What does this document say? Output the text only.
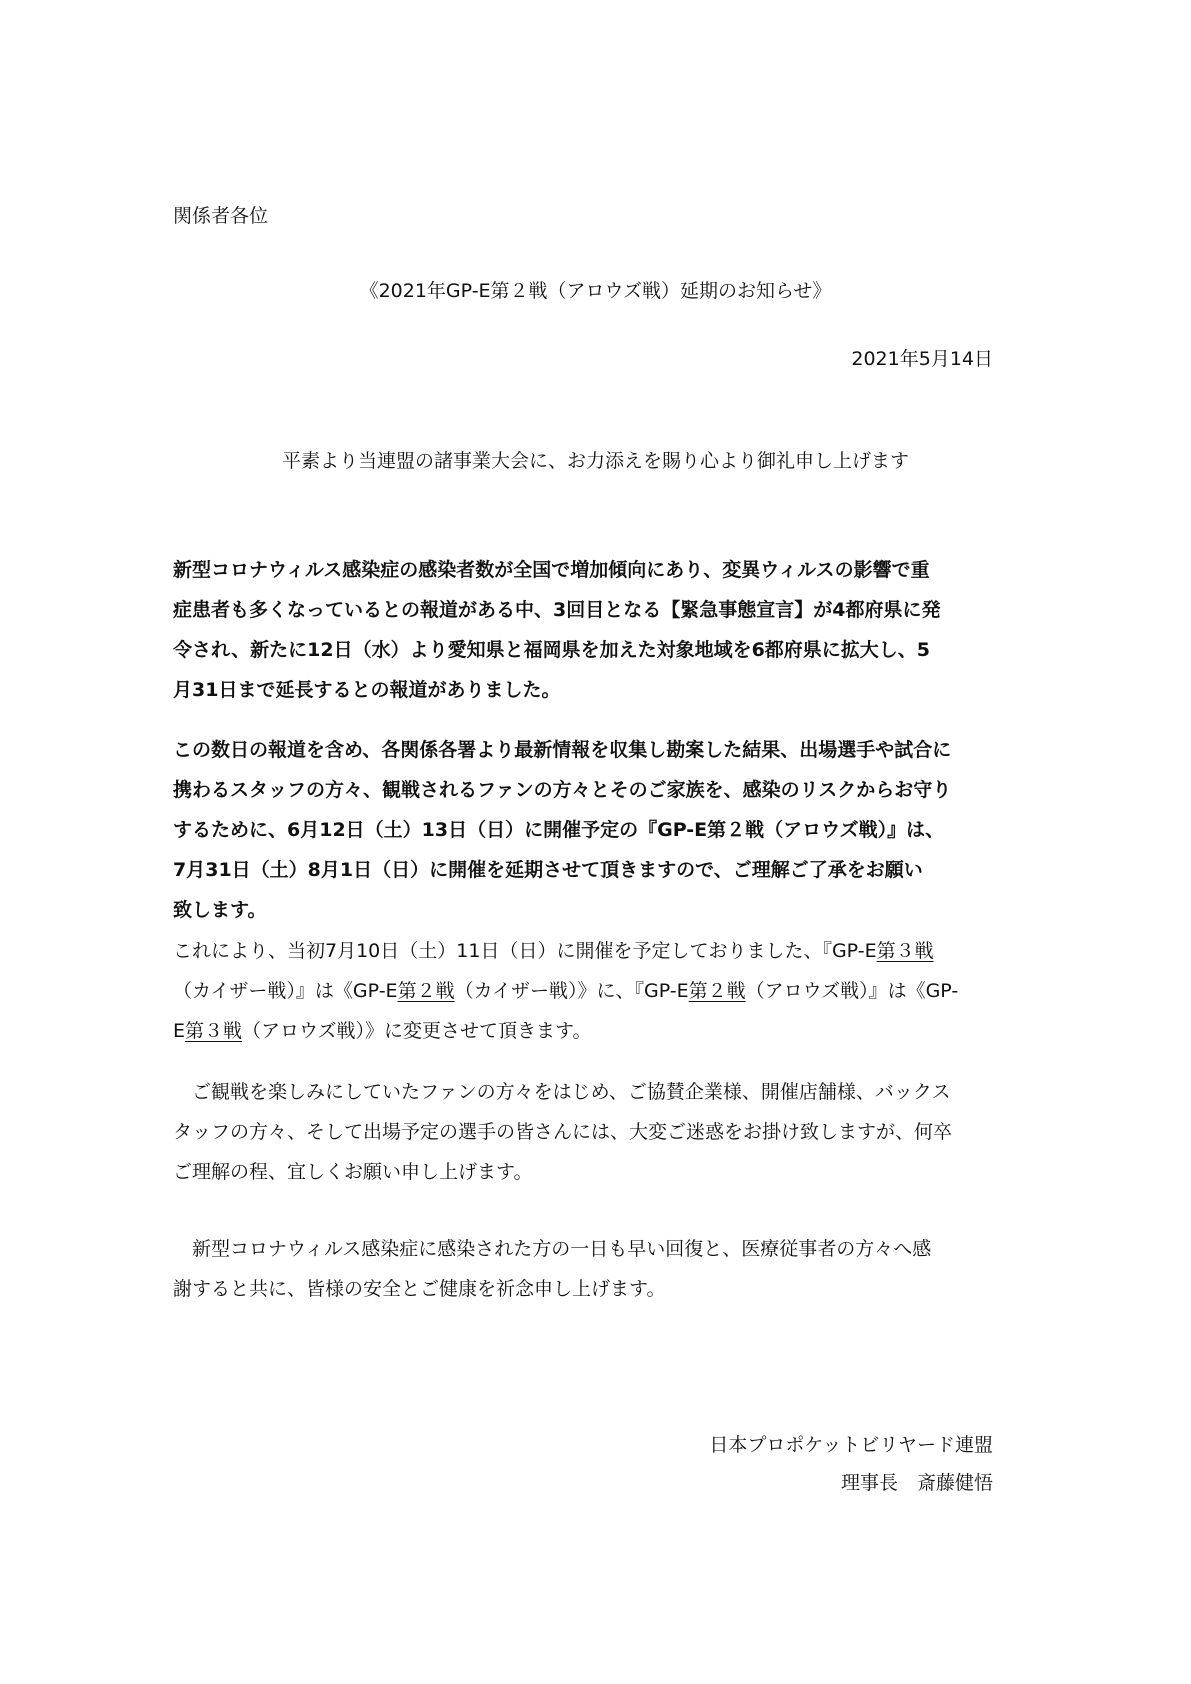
関係者各位

《2021年GP-E第２戦（アロウズ戦）延期のお知らせ》

2021年5月14日

平素より当連盟の諸事業大会に、お力添えを賜り心より御礼申し上げます

新型コロナウィルス感染症の感染者数が全国で増加傾向にあり、変異ウィルスの影響で重
症患者も多くなっているとの報道がある中、3回目となる【緊急事態宣言】が4都府県に発
令され、新たに12日（水）より愛知県と福岡県を加えた対象地域を6都府県に拡大し、5
月31日まで延長するとの報道がありました。
この数日の報道を含め、各関係各署より最新情報を収集し勘案した結果、出場選手や試合に
携わるスタッフの方々、観戦されるファンの方々とそのご家族を、感染のリスクからお守り
するために、6月12日（土）13日（日）に開催予定の『GP-E第２戦（アロウズ戦）』は、
7月31日（土）8月1日（日）に開催を延期させて頂きますので、ご理解ご了承をお願い
致します。
これにより、当初7月10日（土）11日（日）に開催を予定しておりました、『GP-E第３戦
（カイザー戦）』は《GP-E第２戦（カイザー戦）》に、『GP-E第２戦（アロウズ戦）』は《GP-
E第３戦（アロウズ戦）》に変更させて頂きます。
　ご観戦を楽しみにしていたファンの方々をはじめ、ご協賛企業様、開催店舗様、バックス
タッフの方々、そして出場予定の選手の皆さんには、大変ご迷惑をお掛け致しますが、何卒
ご理解の程、宜しくお願い申し上げます。
　新型コロナウィルス感染症に感染された方の一日も早い回復と、医療従事者の方々へ感
謝すると共に、皆様の安全とご健康を祈念申し上げます。

日本プロポケットビリヤード連盟

理事長　斎藤健悟
